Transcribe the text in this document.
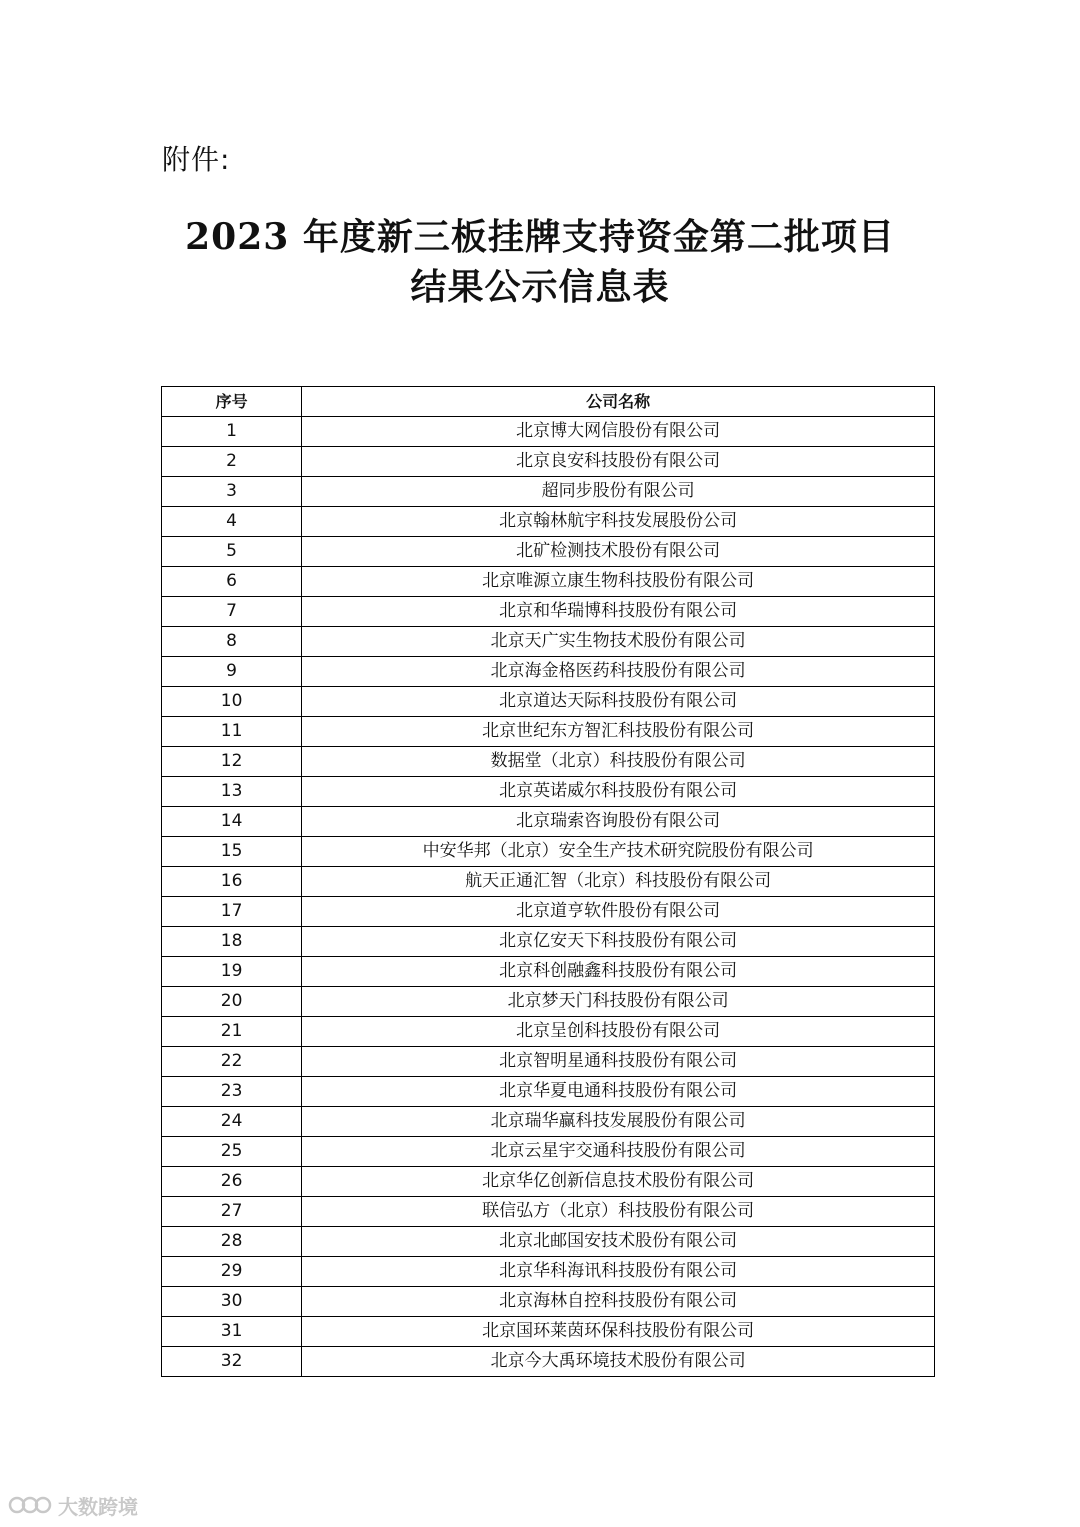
附件:
2023 年度新三板挂牌支持资金第二批项目
结果公示信息表
序号	公司名称
1	北京博大网信股份有限公司
2	北京良安科技股份有限公司
3	超同步股份有限公司
4	北京翰林航宇科技发展股份公司
5	北矿检测技术股份有限公司
6	北京唯源立康生物科技股份有限公司
7	北京和华瑞博科技股份有限公司
8	北京天广实生物技术股份有限公司
9	北京海金格医药科技股份有限公司
10	北京道达天际科技股份有限公司
11	北京世纪东方智汇科技股份有限公司
12	数据堂（北京）科技股份有限公司
13	北京英诺威尔科技股份有限公司
14	北京瑞索咨询股份有限公司
15	中安华邦（北京）安全生产技术研究院股份有限公司
16	航天正通汇智（北京）科技股份有限公司
17	北京道亨软件股份有限公司
18	北京亿安天下科技股份有限公司
19	北京科创融鑫科技股份有限公司
20	北京梦天门科技股份有限公司
21	北京呈创科技股份有限公司
22	北京智明星通科技股份有限公司
23	北京华夏电通科技股份有限公司
24	北京瑞华赢科技发展股份有限公司
25	北京云星宇交通科技股份有限公司
26	北京华亿创新信息技术股份有限公司
27	联信弘方（北京）科技股份有限公司
28	北京北邮国安技术股份有限公司
29	北京华科海讯科技股份有限公司
30	北京海林自控科技股份有限公司
31	北京国环莱茵环保科技股份有限公司
32	北京今大禹环境技术股份有限公司
大数跨境
